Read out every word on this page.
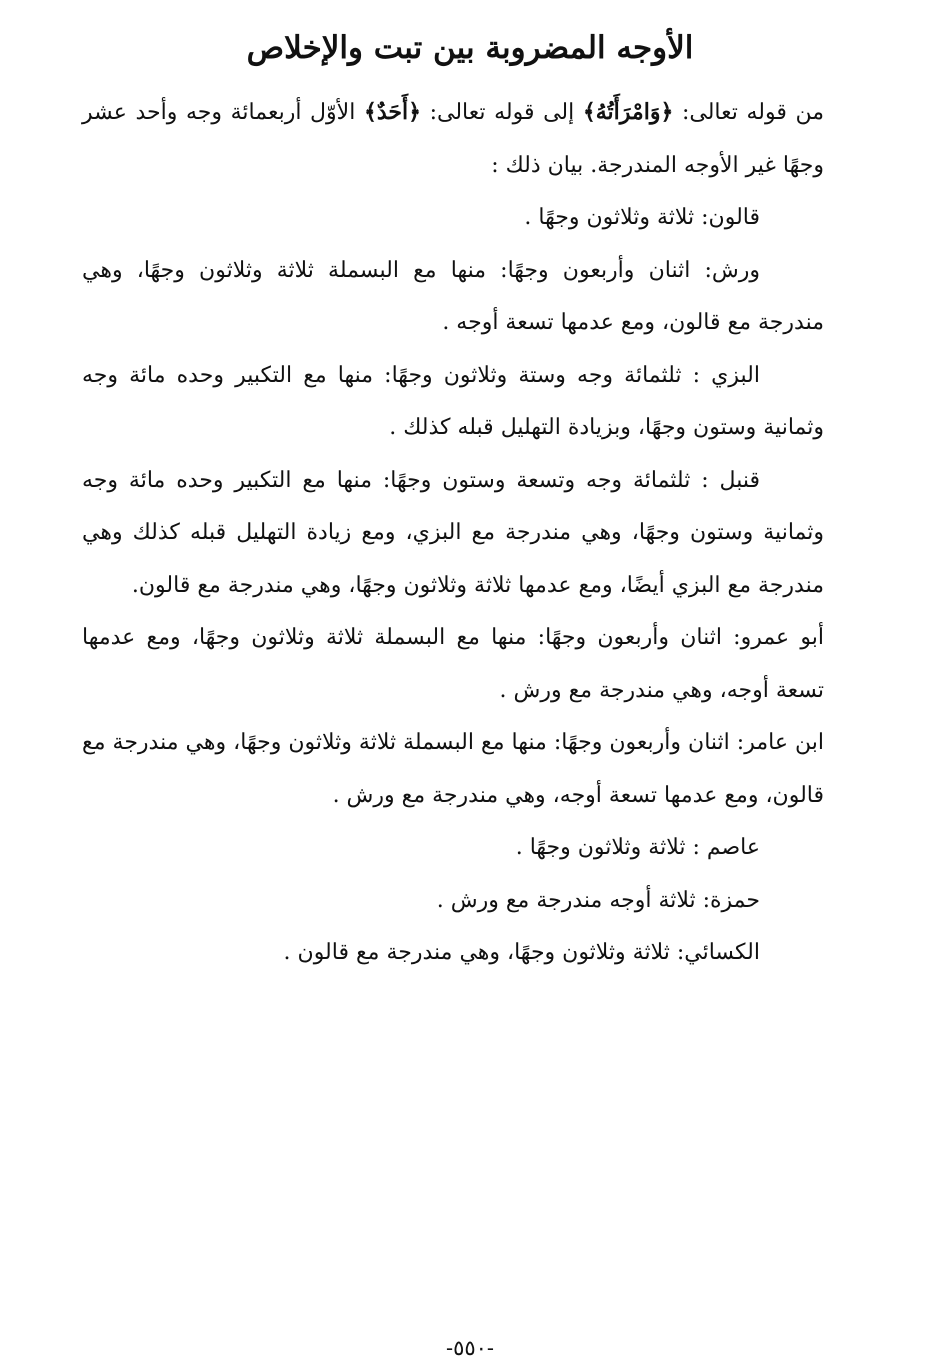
الأوجه المضروبة بين تبت والإخلاص

من قوله تعالى: ﴿وَامْرَأَتُهُ﴾ إلى قوله تعالى: ﴿أَحَدٌ﴾ الأوّل أربعمائة وجه وأحد عشر وجهًا غير الأوجه المندرجة. بيان ذلك :

قالون: ثلاثة وثلاثون وجهًا .

ورش: اثنان وأربعون وجهًا: منها مع البسملة ثلاثة وثلاثون وجهًا، وهي مندرجة مع قالون، ومع عدمها تسعة أوجه .

البزي : ثلثمائة وجه وستة وثلاثون وجهًا: منها مع التكبير وحده مائة وجه وثمانية وستون وجهًا، وبزيادة التهليل قبله كذلك .

قنبل : ثلثمائة وجه وتسعة وستون وجهًا: منها مع التكبير وحده مائة وجه وثمانية وستون وجهًا، وهي مندرجة مع البزي، ومع زيادة التهليل قبله كذلك وهي مندرجة مع البزي أيضًا، ومع عدمها ثلاثة وثلاثون وجهًا، وهي مندرجة مع قالون.

أبو عمرو: اثنان وأربعون وجهًا: منها مع البسملة ثلاثة وثلاثون وجهًا، ومع عدمها تسعة أوجه، وهي مندرجة مع ورش .

ابن عامر: اثنان وأربعون وجهًا: منها مع البسملة ثلاثة وثلاثون وجهًا، وهي مندرجة مع قالون، ومع عدمها تسعة أوجه، وهي مندرجة مع ورش .

عاصم : ثلاثة وثلاثون وجهًا .

حمزة: ثلاثة أوجه مندرجة مع ورش .

الكسائي: ثلاثة وثلاثون وجهًا، وهي مندرجة مع قالون .

-٥٥٠-
